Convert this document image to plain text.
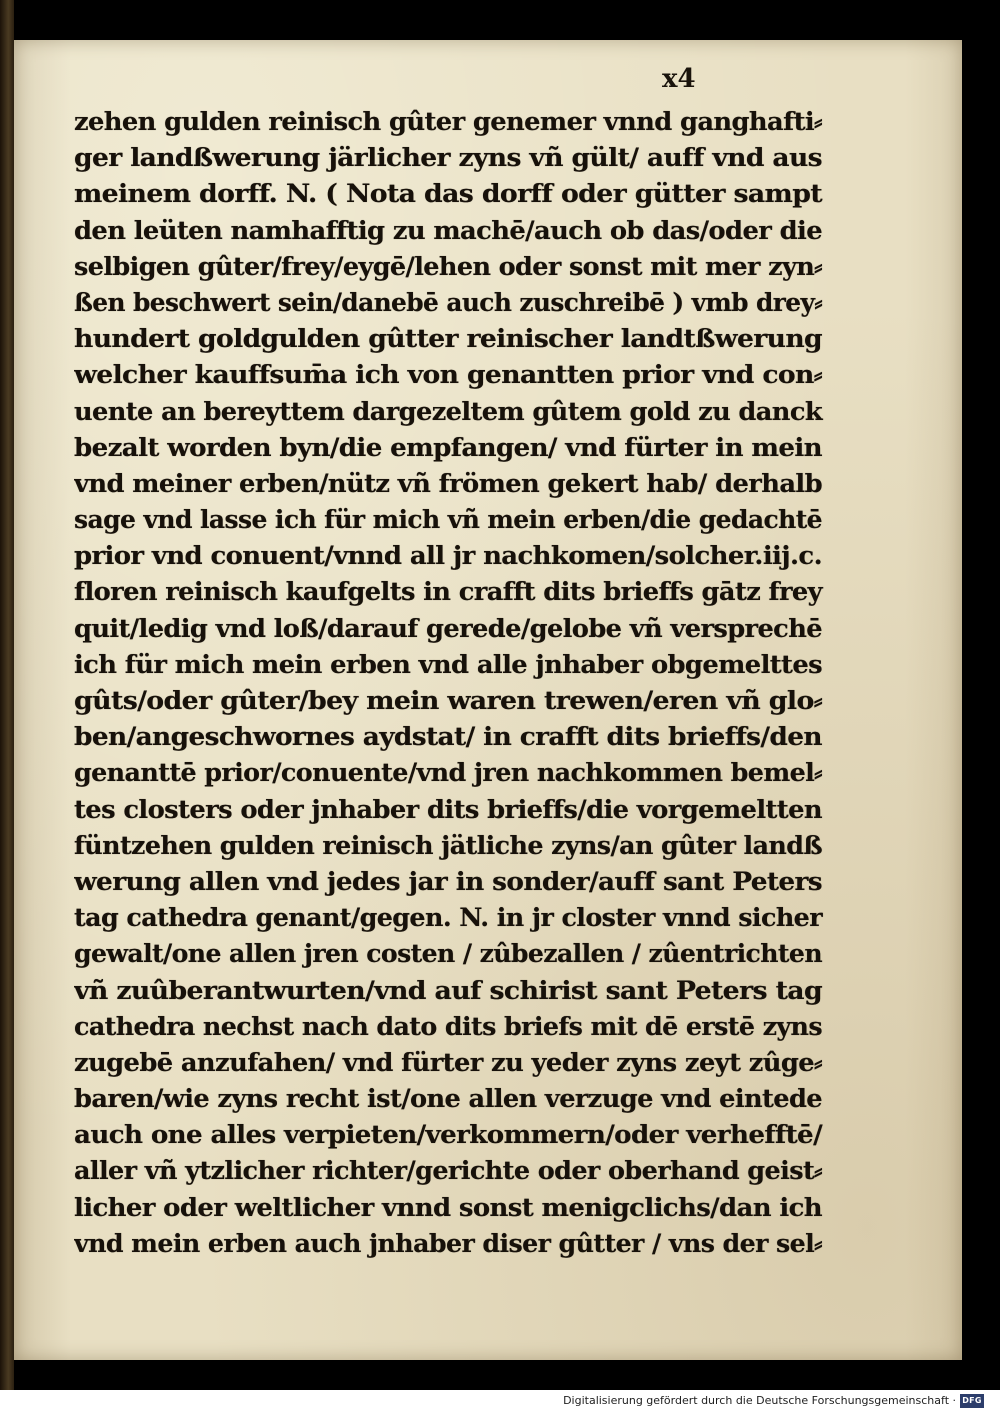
x4
zehen gulden reinisch gûter genemer vnnd ganghafti⸗
ger landßwerung järlicher zyns vñ gült/ auff vnd aus
meinem dorff. N. ( Nota das dorff oder gütter sampt
den leüten namhafftig zu machē/auch ob das/oder die
selbigen gûter/frey/eygē/lehen oder sonst mit mer zyn⸗
ßen beschwert sein/danebē auch zuschreibē ) vmb drey⸗
hundert goldgulden gûtter reinischer landtßwerung
welcher kauffsum̄a ich von genantten prior vnd con⸗
uente an bereyttem dargezeltem gûtem gold zu danck
bezalt worden byn/die empfangen/ vnd fürter in mein
vnd meiner erben/nütz vñ frömen gekert hab/ derhalb
sage vnd lasse ich für mich vñ mein erben/die gedachtē
prior vnd conuent/vnnd all jr nachkomen/solcher.iij.c.
floren reinisch kaufgelts in crafft dits brieffs gātz frey
quit/ledig vnd loß/darauf gerede/gelobe vñ versprechē
ich für mich mein erben vnd alle jnhaber obgemelttes
gûts/oder gûter/bey mein waren trewen/eren vñ glo⸗
ben/angeschwornes aydstat/ in crafft dits brieffs/den
genanttē prior/conuente/vnd jren nachkommen bemel⸗
tes closters oder jnhaber dits brieffs/die vorgemeltten
füntzehen gulden reinisch jätliche zyns/an gûter landß
werung allen vnd jedes jar in sonder/auff sant Peters
tag cathedra genant/gegen. N. in jr closter vnnd sicher
gewalt/one allen jren costen / zûbezallen / zûentrichten
vñ zuûberantwurten/vnd auf schirist sant Peters tag
cathedra nechst nach dato dits briefs mit dē erstē zyns
zugebē anzufahen/ vnd fürter zu yeder zyns zeyt zûge⸗
baren/wie zyns recht ist/one allen verzuge vnd eintede
auch one alles verpieten/verkommern/oder verhefftē/
aller vñ ytzlicher richter/gerichte oder oberhand geist⸗
licher oder weltlicher vnnd sonst menigclichs/dan ich
vnd mein erben auch jnhaber diser gûtter / vns der sel⸗
Digitalisierung gefördert durch die Deutsche Forschungsgemeinschaft · DFG
